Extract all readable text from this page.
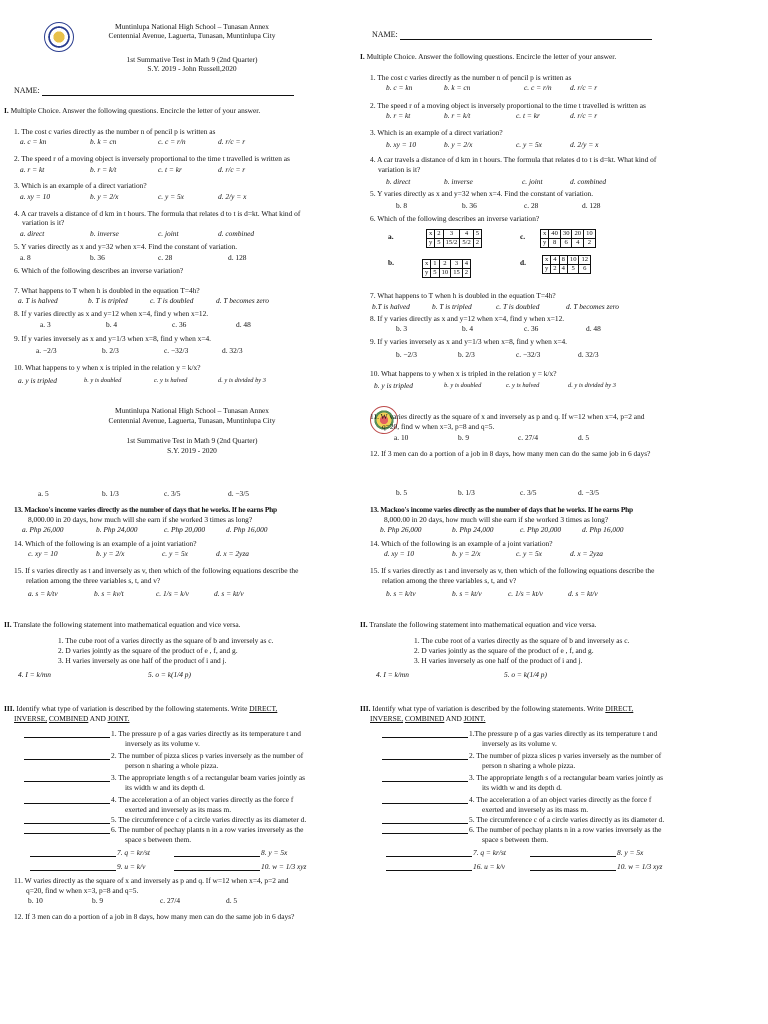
Muntinlupa National High School – Tunasan Annex
Centennial Avenue, Laguerta, Tunasan, Muntinlupa City
1st Summative Test in Math 9 (2nd Quarter)
S.Y. 2019 - John Russell,2020
NAME:
I. Multiple Choice. Answer the following questions. Encircle the letter of your answer.
1. The cost c varies directly as the number n of pencil p is written as
a. c = kn	b. k = cn	c. c = r/n	d. r/c = r
2. The speed r of a moving object is inversely proportional to the time t travelled is written as
a. r = kt	b. r = k/t	c. t = kr	d. r/c = r
3. Which is an example of a direct variation?
a. xy = 10	b. y = 2/x	c. y = 5x	d. 2/y = x
4. A car travels a distance of d km in t hours. The formula that relates d to t is d=kt. What kind of
variation is it?
a. direct	b. inverse	c. joint	d. combined
5. Y varies directly as x and y=32 when x=4. Find the constant of variation.
a. 8	b. 36	c. 28	d. 128
6. Which of the following describes an inverse variation?
7. What happens to T when h is doubled in the equation T=4h?
a. T is halved	b. T is tripled	c. T is doubled	d. T becomes zero
8. If y varies directly as x and y=12 when x=4, find y when x=12.
a. 3	b. 4	c. 36	d. 48
9. If y varies inversely as x and y=1/3 when x=8, find y when x=4.
a. −2/3	b. 2/3	c. −32/3	d. 32/3
10. What happens to y when x is tripled in the relation y = k/x?
a. y is tripled	b. y is doubled	c. y is halved	d. y is divided by 3
Muntinlupa National High School – Tunasan Annex
Centennial Avenue, Laguerta, Tunasan, Muntinlupa City
1st Summative Test in Math 9 (2nd Quarter)
S.Y. 2019 - 2020
a. 5	b. 1/3	c. 3/5	d. −3/5
13. Mackoo's income varies directly as the number of days that he works. If he earns Php
8,000.00 in 20 days, how much will she earn if she worked 3 times as long?
a. Php 26,000	b. Php 24,000	c. Php 20,000	d. Php 16,000
14. Which of the following is an example of a joint variation?
c. xy = 10	b. y = 2/x	c. y = 5x	d. x = 2yza
15. If s varies directly as t and inversely as v, then which of the following equations describe the
relation among the three variables s, t, and v?
a. s = k/tv	b. s = kv/t	c. 1/s = k/v	d. s = kt/v
II. Translate the following statement into mathematical equation and vice versa.
1. The cube root of a varies directly as the square of b and inversely as c.
2. D varies jointly as the square of the product of e , f, and g.
3. H varies inversely as one half of the product of i and j.
4. I = k/mn	5. o = k(1/4 p)
III. Identify what type of variation is described by the following statements. Write DIRECT,
INVERSE, COMBINED AND JOINT.
1. The pressure p of a gas varies directly as its temperature t and
inversely as its volume v.
2. The number of pizza slices p varies inversely as the number of
person n sharing a whole pizza.
3. The appropriate length s of a rectangular beam varies jointly as
its width w and its depth d.
4. The acceleration a of an object varies directly as the force f
exerted and inversely as its mass m.
5. The circumference c of a circle varies directly as its diameter d.
6. The number of pechay plants n in a row varies inversely as the
space s between them.
7. q = kr/st	8. y = 5x
9. u = k/v	10. w = 1/3 xyz
11. W varies directly as the square of x and inversely as p and q. If w=12 when x=4, p=2 and
q=20, find w when x=3, p=8 and q=5.
b. 10	b. 9	c. 27/4	d. 5
12. If 3 men can do a portion of a job in 8 days, how many men can do the same job in 6 days?
NAME:
I. Multiple Choice. Answer the following questions. Encircle the letter of your answer.
1. The cost c varies directly as the number n of pencil p is written as
b. c = kn	b. k = cn	c. c = r/n d. r/c = r
2. The speed r of a moving object is inversely proportional to the time t travelled is written as
b. r = kt	b. r = k/t	c. t = kr	d. r/c = r
3. Which is an example of a direct variation?
b. xy = 10	b. y = 2/x	c. y = 5x	d. 2/y = x
4. A car travels a distance of d km in t hours. The formula that relates d to t is d=kt. What kind of
variation is it?
b. direct	b. inverse	c. joint	d. combined
5. Y varies directly as x and y=32 when x=4. Find the constant of variation.
b. 8	b. 36	c. 28	d. 128
6. Which of the following describes an inverse variation?
a.	x	2	3	4	5
y	5	15/2	5/2	2
c.	x	40	30	20	10
y	8	6	4	2
b.	x	1	2	3	4
y	5	10	15	2
d.	x	4	8	10	12
y	2	4	5	6
7. What happens to T when h is doubled in the equation T=4h?
b.T is halved	b. T is tripled	c. T is doubled	d. T becomes zero
8. If y varies directly as x and y=12 when x=4, find y when x=12.
b. 3	b. 4	c. 36	d. 48
9. If y varies inversely as x and y=1/3 when x=8, find y when x=4.
b. −2/3	b. 2/3	c. −32/3	d. 32/3
10. What happens to y when x is tripled in the relation y = k/x?
b. y is tripled	b. y is doubled	c. y is halved	d. y is divided by 3
11. W varies directly as the square of x and inversely as p and q. If w=12 when x=4, p=2 and
q=20, find w when x=3, p=8 and q=5.
a. 10	b. 9	c. 27/4	d. 5
12. If 3 men can do a portion of a job in 8 days, how many men can do the same job in 6 days?
b. 5	b. 1/3	c. 3/5	d. −3/5
13. Mackoo's income varies directly as the number of days that he works. If he earns Php
8,000.00 in 20 days, how much will she earn if she worked 3 times as long?
b. Php 26,000	b. Php 24,000	c. Php 20,000	d. Php 16,000
14. Which of the following is an example of a joint variation?
d. xy = 10	b. y = 2/x	c. y = 5x	d. x = 2yza
15. If s varies directly as t and inversely as v, then which of the following equations describe the
relation among the three variables s, t, and v?
b. s = k/tv	b. s = kt/v	c. 1/s = kt/v	d. s = kt/v
II. Translate the following statement into mathematical equation and vice versa.
1. The cube root of a varies directly as the square of b and inversely as c.
2. D varies jointly as the square of the product of e , f, and g.
3. H varies inversely as one half of the product of i and j.
4. I = k/mn	5. o = k(1/4 p)
III. Identify what type of variation is described by the following statements. Write DIRECT,
INVERSE, COMBINED AND JOINT.
1.The pressure p of a gas varies directly as its temperature t and
inversely as its volume v.
2. The number of pizza slices p varies inversely as the number of
person n sharing a whole pizza.
3. The appropriate length s of a rectangular beam varies jointly as
its width w and its depth d.
4. The acceleration a of an object varies directly as the force f
exerted and inversely as its mass m.
5. The circumference c of a circle varies directly as its diameter d.
6. The number of pechay plants n in a row varies inversely as the
space s between them.
7. q = kr/st	8. y = 5x
16. u = k/v	10. w = 1/3 xyz
